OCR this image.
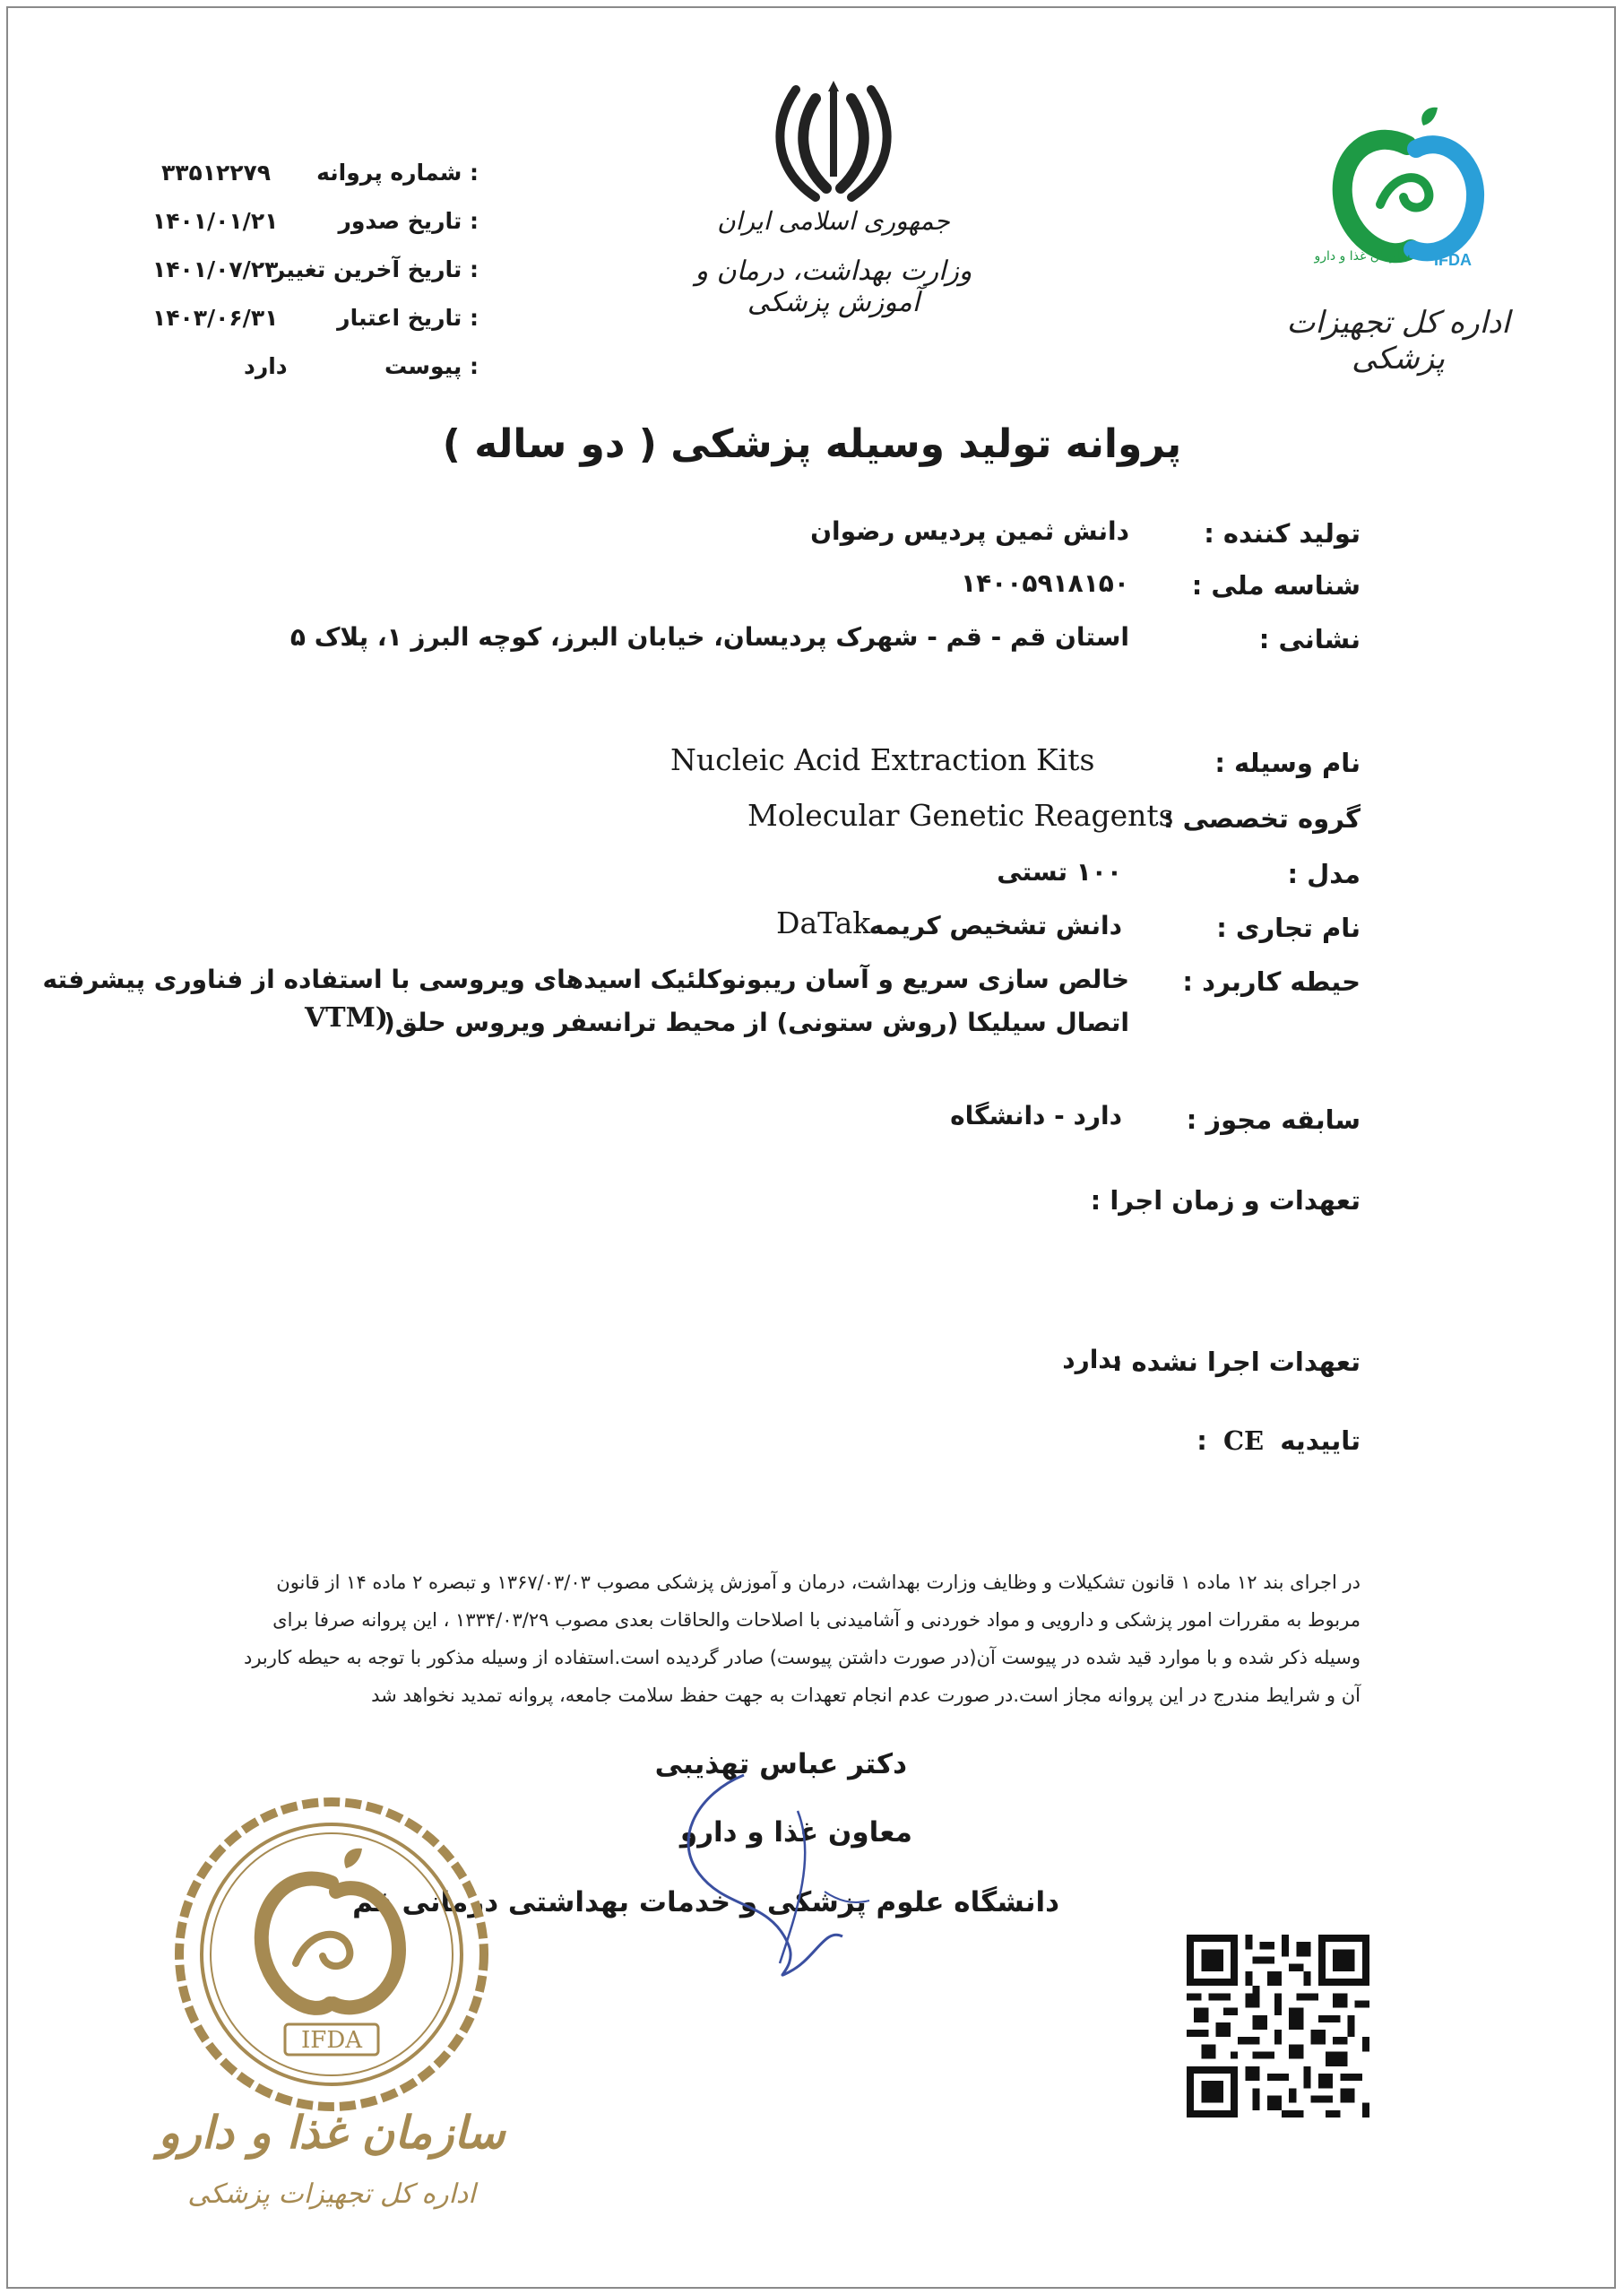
IFDA
سازمان غذا و دارو
اداره کل تجهیزات پزشکی
جمهوری اسلامی ایران
وزارت بهداشت، درمان و آموزش پزشکی
شماره پروانه :
۳۳۵۱۲۲۷۹
تاریخ صدور :
۱۴۰۱/۰۱/۲۱
تاریخ آخرین تغییر :
۱۴۰۱/۰۷/۲۳
تاریخ اعتبار :
۱۴۰۳/۰۶/۳۱
پیوست :
دارد
پروانه تولید وسیله پزشکی ( دو ساله )
تولید کننده :
دانش ثمین پردیس رضوان
شناسه ملی :
۱۴۰۰۵۹۱۸۱۵۰
نشانی :
استان قم - قم - شهرک پردیسان، خیابان البرز، کوچه البرز ۱، پلاک ۵
نام وسیله :
Nucleic Acid Extraction Kits
گروه تخصصی :
Molecular Genetic Reagents
مدل :
۱۰۰ تستی
نام تجاری :
دانش تشخیص کریمه
DaTak
حیطه کاربرد :
خالص سازی سریع و آسان ریبونوکلئیک اسیدهای ویروسی با استفاده از فناوری پیشرفته
اتصال سیلیکا (روش ستونی) از محیط ترانسفر ویروس حلق(
VTM)
سابقه مجوز :
دارد - دانشگاه
تعهدات و زمان اجرا :
تعهدات اجرا نشده :
ندارد
: CE تاییدیه
در اجرای بند ۱۲ ماده ۱ قانون تشکیلات و وظایف وزارت بهداشت، درمان و آموزش پزشکی مصوب ۱۳۶۷/۰۳/۰۳ و تبصره ۲ ماده ۱۴ از قانون
مربوط به مقررات امور پزشکی و دارویی و مواد خوردنی و آشامیدنی با اصلاحات والحاقات بعدی مصوب ۱۳۳۴/۰۳/۲۹ ، این پروانه صرفا برای
وسیله ذکر شده و با موارد قید شده در پیوست آن(در صورت داشتن پیوست) صادر گردیده است.استفاده از وسیله مذکور با توجه به حیطه کاربرد
آن و شرایط مندرج در این پروانه مجاز است.در صورت عدم انجام تعهدات به جهت حفظ سلامت جامعه، پروانه تمدید نخواهد شد
دکتر عباس تهذیبی
معاون غذا و دارو
دانشگاه علوم پزشکی و خدمات بهداشتی درمانی قم
IFDA
سازمان غذا و دارو
اداره کل تجهیزات پزشکی
